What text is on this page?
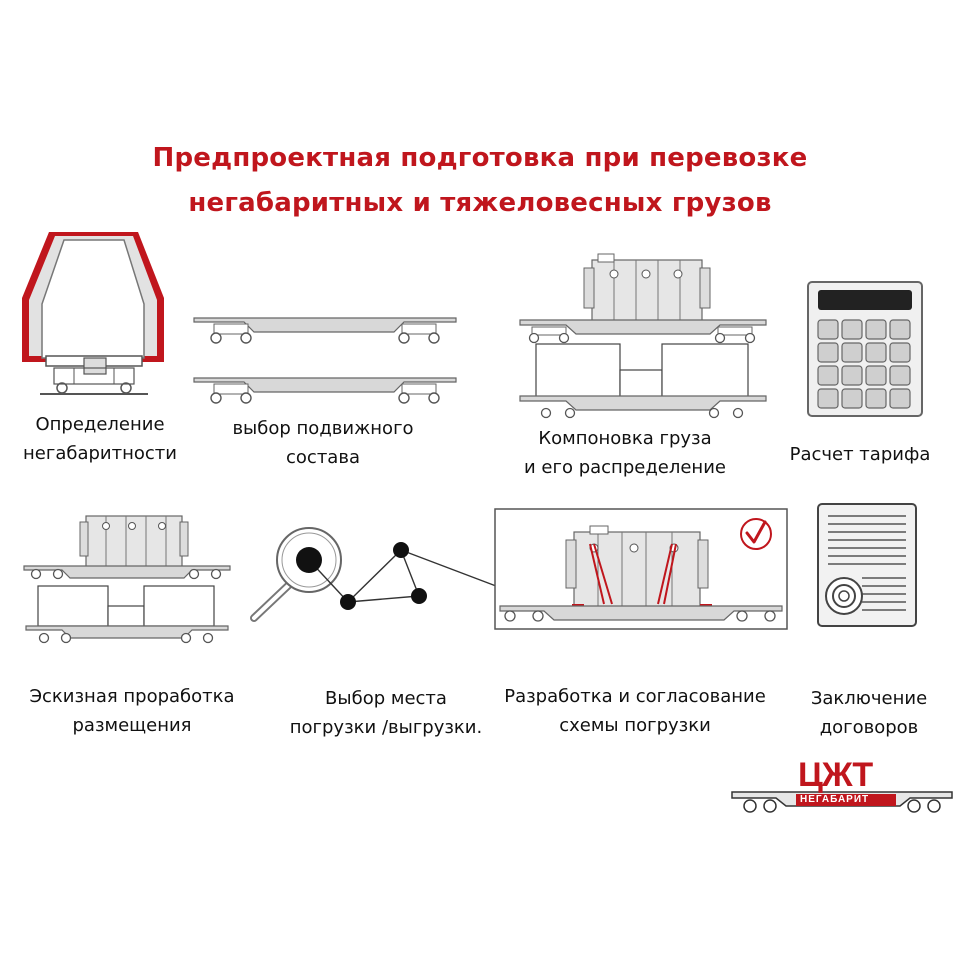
Предпроектная подготовка при перевозке
негабаритных и тяжеловесных грузов
Определение
негабаритности
выбор подвижного
состава
Компоновка груза
и его распределение
Расчет тарифа
Эскизная проработка
размещения
Выбор места
погрузки /выгрузки.
Разработка и согласование
схемы погрузки
Заключение
договоров
ЦЖТ
НЕГАБАРИТ
